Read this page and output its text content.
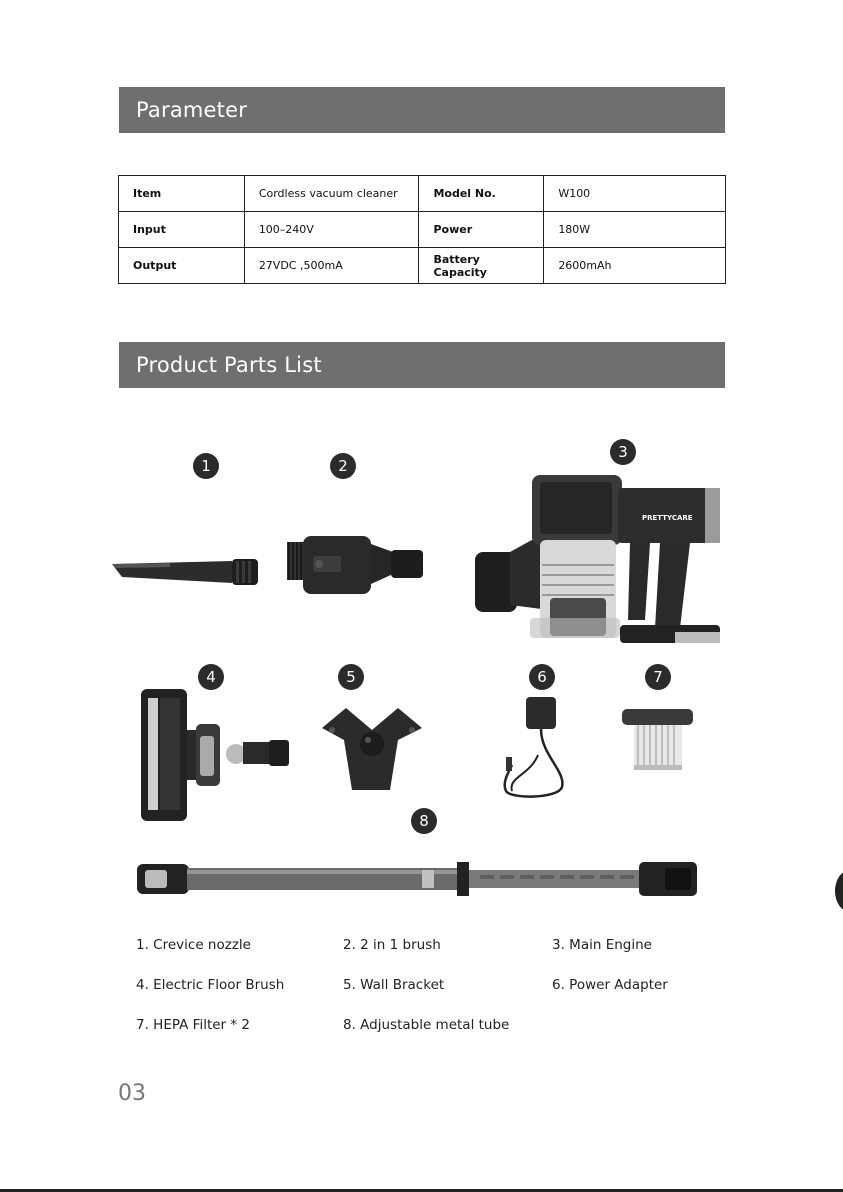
Parameter
Item	Cordless vacuum cleaner	Model No.	W100
Input	100–240V	Power	180W
Output	27VDC ,500mA	Battery Capacity	2600mAh
Product Parts List
1	2
3
4	5	6	7
8
PRETTYCARE
1. Crevice nozzle	2. 2 in 1 brush	3. Main Engine
4. Electric Floor Brush	5. Wall Bracket	6. Power Adapter
7. HEPA Filter * 2	8. Adjustable metal tube
03
